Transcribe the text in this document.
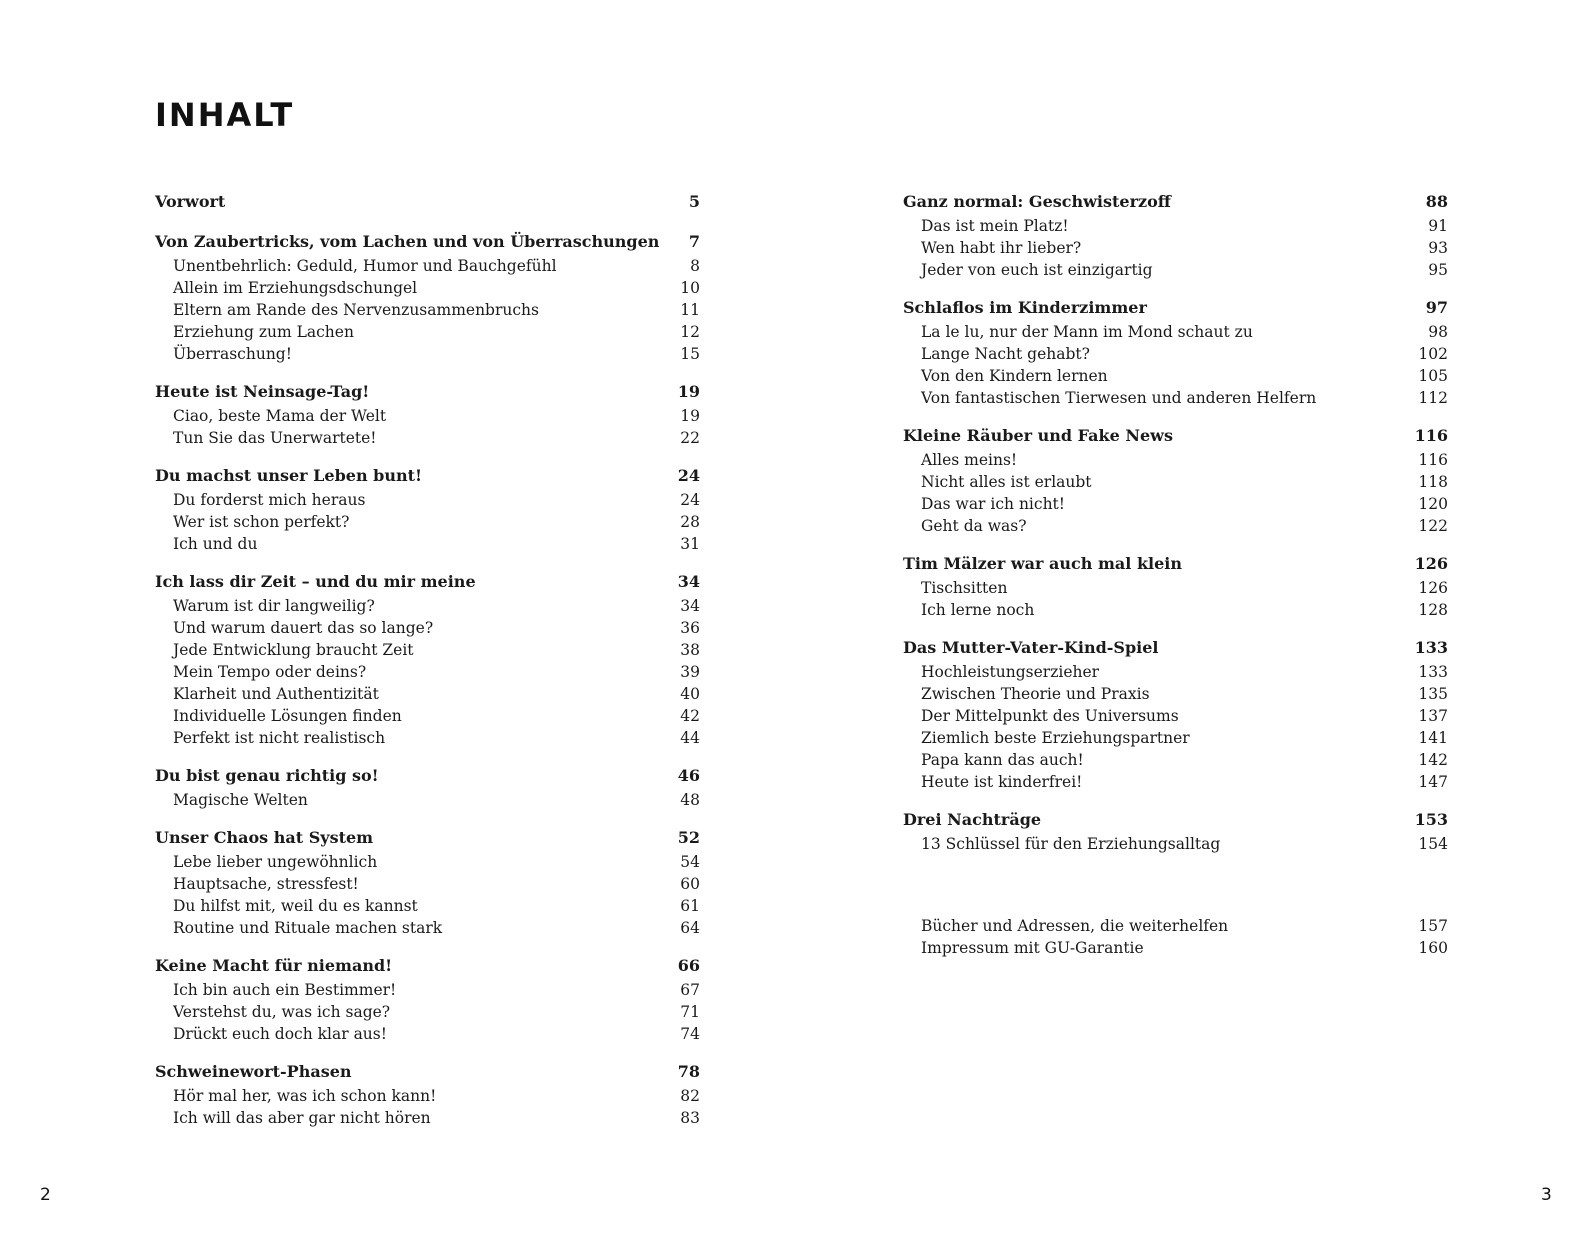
INHALT
Vorwort	5
Von Zaubertricks, vom Lachen und von Überraschungen	7
Unentbehrlich: Geduld, Humor und Bauchgefühl	8
Allein im Erziehungsdschungel	10
Eltern am Rande des Nervenzusammenbruchs	11
Erziehung zum Lachen	12
Überraschung!	15
Heute ist Neinsage-Tag!	19
Ciao, beste Mama der Welt	19
Tun Sie das Unerwartete!	22
Du machst unser Leben bunt!	24
Du forderst mich heraus	24
Wer ist schon perfekt?	28
Ich und du	31
Ich lass dir Zeit – und du mir meine	34
Warum ist dir langweilig?	34
Und warum dauert das so lange?	36
Jede Entwicklung braucht Zeit	38
Mein Tempo oder deins?	39
Klarheit und Authentizität	40
Individuelle Lösungen finden	42
Perfekt ist nicht realistisch	44
Du bist genau richtig so!	46
Magische Welten	48
Unser Chaos hat System	52
Lebe lieber ungewöhnlich	54
Hauptsache, stressfest!	60
Du hilfst mit, weil du es kannst	61
Routine und Rituale machen stark	64
Keine Macht für niemand!	66
Ich bin auch ein Bestimmer!	67
Verstehst du, was ich sage?	71
Drückt euch doch klar aus!	74
Schweinewort-Phasen	78
Hör mal her, was ich schon kann!	82
Ich will das aber gar nicht hören	83
Ganz normal: Geschwisterzoff	88
Das ist mein Platz!	91
Wen habt ihr lieber?	93
Jeder von euch ist einzigartig	95
Schlaflos im Kinderzimmer	97
La le lu, nur der Mann im Mond schaut zu	98
Lange Nacht gehabt?	102
Von den Kindern lernen	105
Von fantastischen Tierwesen und anderen Helfern	112
Kleine Räuber und Fake News	116
Alles meins!	116
Nicht alles ist erlaubt	118
Das war ich nicht!	120
Geht da was?	122
Tim Mälzer war auch mal klein	126
Tischsitten	126
Ich lerne noch	128
Das Mutter-Vater-Kind-Spiel	133
Hochleistungserzieher	133
Zwischen Theorie und Praxis	135
Der Mittelpunkt des Universums	137
Ziemlich beste Erziehungspartner	141
Papa kann das auch!	142
Heute ist kinderfrei!	147
Drei Nachträge	153
13 Schlüssel für den Erziehungsalltag	154
Bücher und Adressen, die weiterhelfen	157
Impressum mit GU-Garantie	160
2	3
